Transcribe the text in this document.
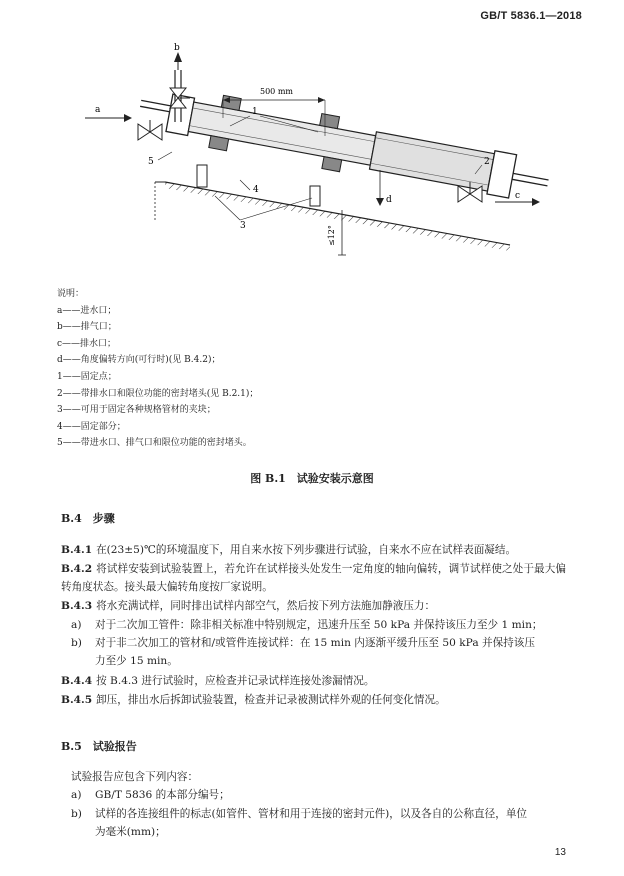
GB/T 5836.1—2018
500 mm
≤12°
a
b
c
d
1
2
3
4
5
说明：
a——进水口；
b——排气口；
c——排水口；
d——角度偏转方向(可行时)(见 B.4.2)；
1——固定点；
2——带排水口和限位功能的密封堵头(见 B.2.1)；
3——可用于固定各种规格管材的夹块；
4——固定部分；
5——带进水口、排气口和限位功能的密封堵头。
图 B.1　试验安装示意图
B.4　步骤
B.4.1 在(23±5)℃的环境温度下，用自来水按下列步骤进行试验，自来水不应在试样表面凝结。
B.4.2 将试样安装到试验装置上，若允许在试样接头处发生一定角度的轴向偏转，调节试样使之处于最大偏转角度状态。接头最大偏转角度按厂家说明。
B.4.3 将水充满试样，同时排出试样内部空气，然后按下列方法施加静液压力：
a) 对于二次加工管件：除非相关标准中特别规定，迅速升压至 50 kPa 并保持该压力至少 1 min；
b) 对于非二次加工的管材和/或管件连接试样：在 15 min 内逐渐平缓升压至 50 kPa 并保持该压
力至少 15 min。
B.4.4 按 B.4.3 进行试验时，应检查并记录试样连接处渗漏情况。
B.4.5 卸压，排出水后拆卸试验装置，检查并记录被测试样外观的任何变化情况。
B.5　试验报告
试验报告应包含下列内容：
a) GB/T 5836 的本部分编号；
b) 试样的各连接组件的标志(如管件、管材和用于连接的密封元件)，以及各自的公称直径，单位
为毫米(mm)；
13
